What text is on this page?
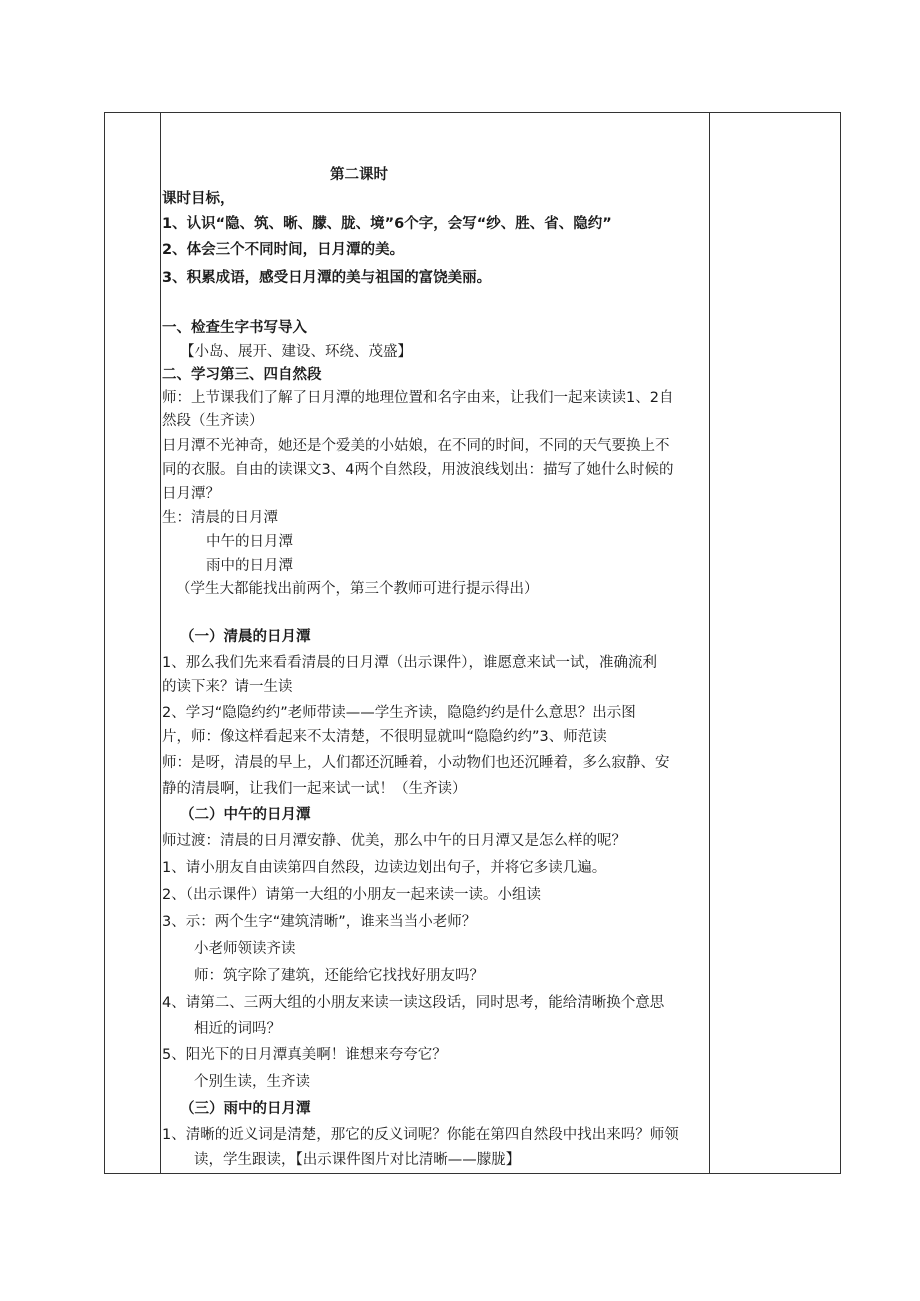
第二课时
课时目标，
1、认识“隐、筑、晰、朦、胧、境”6个字，会写“纱、胜、省、隐约”
2、体会三个不同时间，日月潭的美。
3、积累成语，感受日月潭的美与祖国的富饶美丽。
一、检查生字书写导入
【小岛、展开、建设、环绕、茂盛】
二、学习第三、四自然段
师：上节课我们了解了日月潭的地理位置和名字由来，让我们一起来读读1、2自
然段（生齐读）
日月潭不光神奇，她还是个爱美的小姑娘，在不同的时间，不同的天气要换上不
同的衣服。自由的读课文3、4两个自然段，用波浪线划出：描写了她什么时候的
日月潭？
生：清晨的日月潭
中午的日月潭
雨中的日月潭
（学生大都能找出前两个，第三个教师可进行提示得出）
（一）清晨的日月潭
1、那么我们先来看看清晨的日月潭（出示课件），谁愿意来试一试，准确流利
的读下来？请一生读
2、学习“隐隐约约”老师带读——学生齐读，隐隐约约是什么意思？出示图
片，师：像这样看起来不太清楚，不很明显就叫“隐隐约约”3、师范读
师：是呀，清晨的早上，人们都还沉睡着，小动物们也还沉睡着，多么寂静、安
静的清晨啊，让我们一起来试一试！（生齐读）
（二）中午的日月潭
师过渡：清晨的日月潭安静、优美，那么中午的日月潭又是怎么样的呢？
1、请小朋友自由读第四自然段，边读边划出句子，并将它多读几遍。
2、（出示课件）请第一大组的小朋友一起来读一读。小组读
3、示：两个生字“建筑清晰”，谁来当当小老师？
小老师领读齐读
师：筑字除了建筑，还能给它找找好朋友吗？
4、请第二、三两大组的小朋友来读一读这段话，同时思考，能给清晰换个意思
相近的词吗？
5、阳光下的日月潭真美啊！谁想来夸夸它？
个别生读，生齐读
（三）雨中的日月潭
1、清晰的近义词是清楚，那它的反义词呢？你能在第四自然段中找出来吗？师领
读，学生跟读，【出示课件图片对比清晰——朦胧】
